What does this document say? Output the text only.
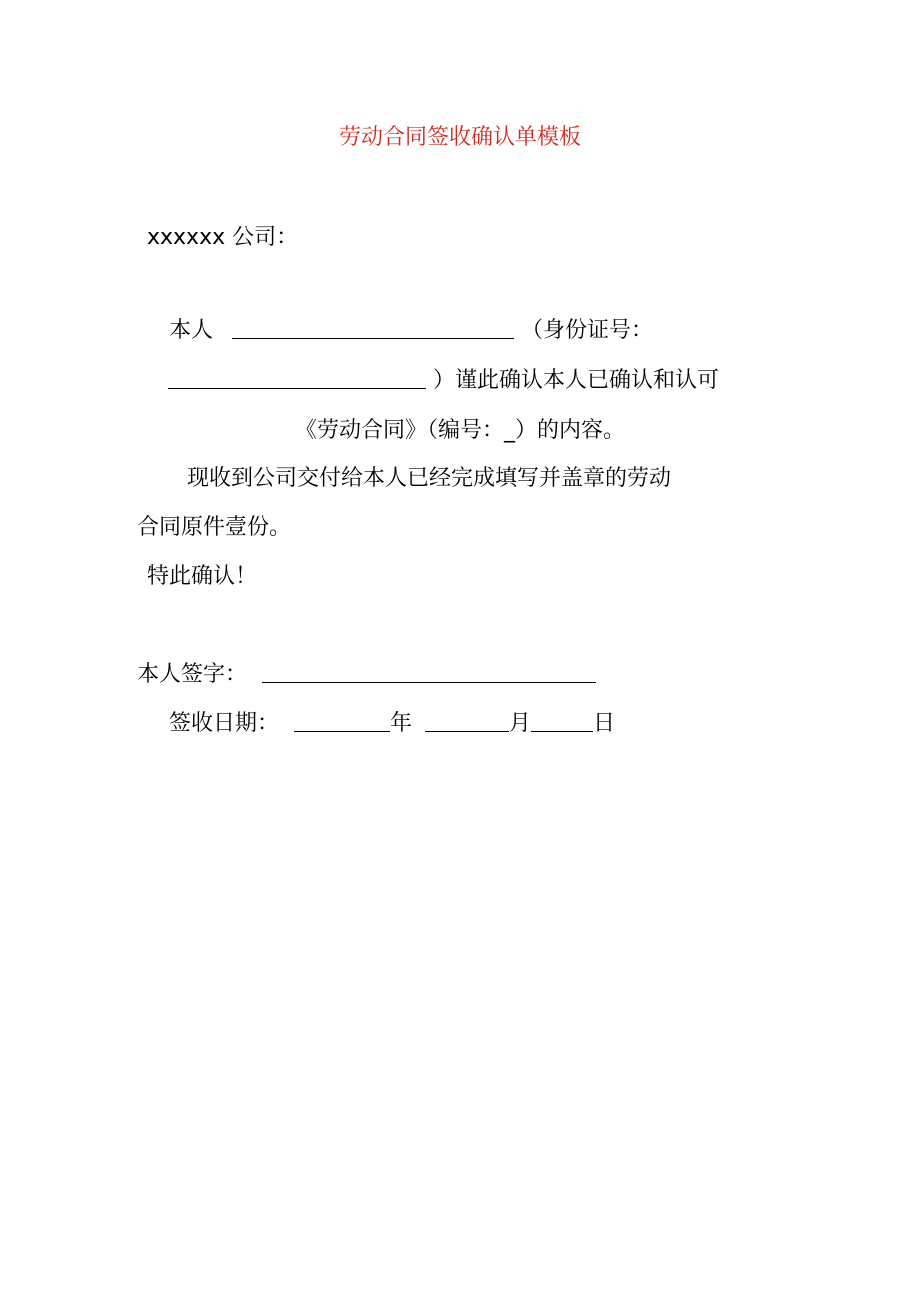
劳动合同签收确认单模板
xxxxxx 公司：
本人	（身份证号：
）谨此确认本人已确认和认可
《劳动合同》（编号：_）的内容。
现收到公司交付给本人已经完成填写并盖章的劳动
合同原件壹份。
特此确认！
本人签字：
签收日期：	年	月	日
